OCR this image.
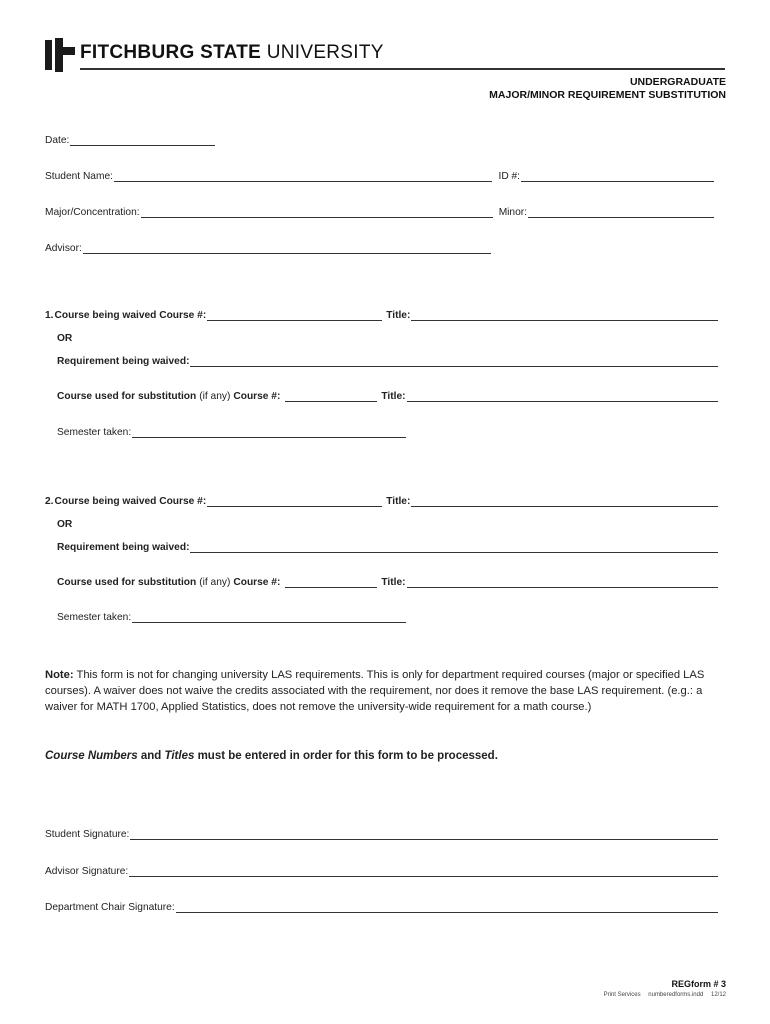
FITCHBURG STATE UNIVERSITY
UNDERGRADUATE
MAJOR/MINOR REQUIREMENT SUBSTITUTION
Date:
Student Name:	ID #:
Major/Concentration:	Minor:
Advisor:
1. Course being waived Course #:	Title:
OR
Requirement being waived:
Course used for substitution (if any) Course #:	Title:
Semester taken:
2. Course being waived Course #:	Title:
OR
Requirement being waived:
Course used for substitution (if any) Course #:	Title:
Semester taken:
Note: This form is not for changing university LAS requirements. This is only for department required courses (major or specified LAS courses). A waiver does not waive the credits associated with the requirement, nor does it remove the base LAS requirement. (e.g.: a waiver for MATH 1700, Applied Statistics, does not remove the university-wide requirement for a math course.)
Course Numbers and Titles must be entered in order for this form to be processed.
Student Signature:
Advisor Signature:
Department Chair Signature:
REGform # 3
Print Services numberedforms.indd 12/12
